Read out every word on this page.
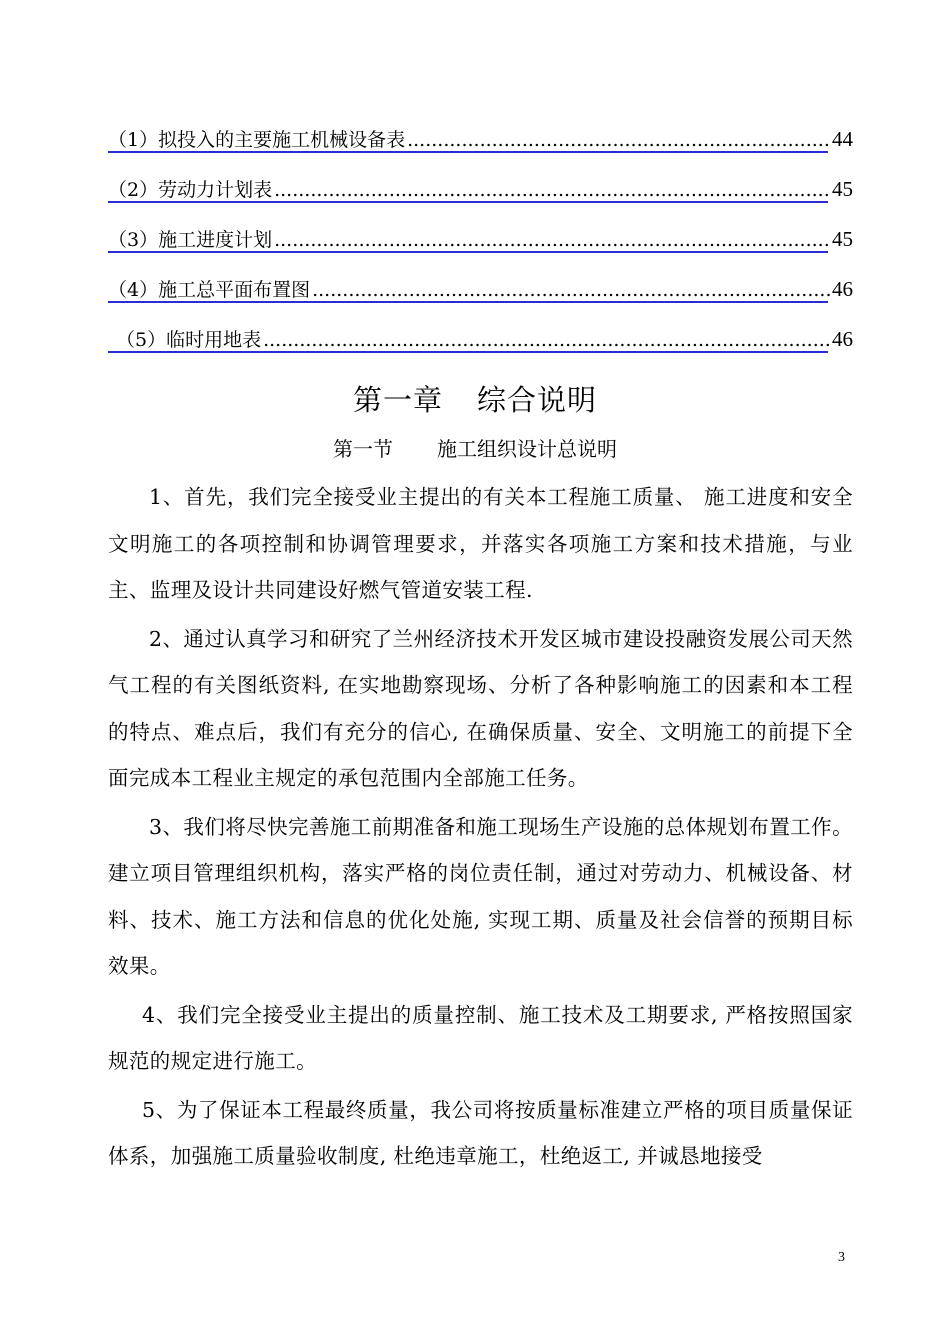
（1）拟投入的主要施工机械设备表 .....	44
（2）劳动力计划表 .....	45
（3）施工进度计划 .....	45
（4）施工总平面布置图 .....	46
（5）临时用地表 .....	46
第一章 综合说明
第一节 施工组织设计总说明

1、首先，我们完全接受业主提出的有关本工程施工质量、 施工进度和安全文明施工的各项控制和协调管理要求，并落实各项施工方案和技术措施，与业主、监理及设计共同建设好燃气管道安装工程.

2、通过认真学习和研究了兰州经济技术开发区城市建设投融资发展公司天然气工程的有关图纸资料, 在实地勘察现场、分析了各种影响施工的因素和本工程的特点、难点后，我们有充分的信心, 在确保质量、安全、文明施工的前提下全面完成本工程业主规定的承包范围内全部施工任务。

3、我们将尽快完善施工前期准备和施工现场生产设施的总体规划布置工作。建立项目管理组织机构，落实严格的岗位责任制，通过对劳动力、机械设备、材料、技术、施工方法和信息的优化处施, 实现工期、质量及社会信誉的预期目标效果。

4、我们完全接受业主提出的质量控制、施工技术及工期要求, 严格按照国家规范的规定进行施工。

5、为了保证本工程最终质量，我公司将按质量标准建立严格的项目质量保证体系，加强施工质量验收制度, 杜绝违章施工，杜绝返工, 并诚恳地接受

3
